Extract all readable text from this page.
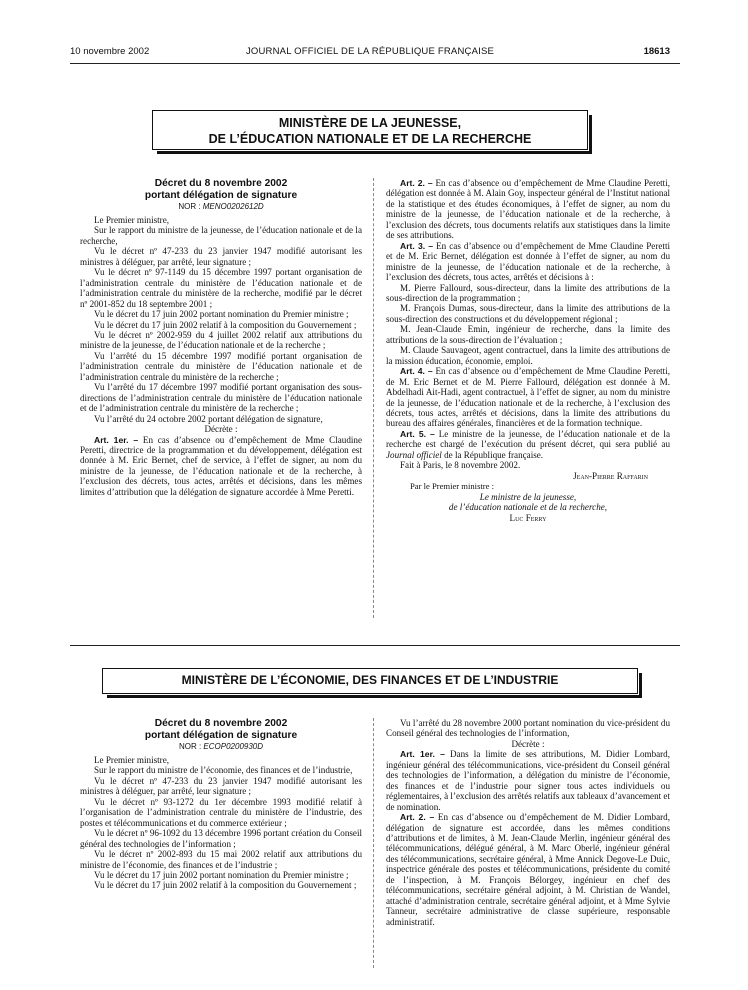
10 novembre 2002	JOURNAL OFFICIEL DE LA RÉPUBLIQUE FRANÇAISE	18613
MINISTÈRE DE LA JEUNESSE,
DE L’ÉDUCATION NATIONALE ET DE LA RECHERCHE
Décret du 8 novembre 2002
portant délégation de signature
NOR : MENO0202612D

Le Premier ministre,

Sur le rapport du ministre de la jeunesse, de l’éducation nationale et de la recherche,

Vu le décret nº 47-233 du 23 janvier 1947 modifié autorisant les ministres à déléguer, par arrêté, leur signature ;

Vu le décret nº 97-1149 du 15 décembre 1997 portant organisation de l’administration centrale du ministère de l’éducation nationale et de l’administration centrale du ministère de la recherche, modifié par le décret nº 2001-852 du 18 septembre 2001 ;

Vu le décret du 17 juin 2002 portant nomination du Premier ministre ;

Vu le décret du 17 juin 2002 relatif à la composition du Gouvernement ;

Vu le décret nº 2002-959 du 4 juillet 2002 relatif aux attributions du ministre de la jeunesse, de l’éducation nationale et de la recherche ;

Vu l’arrêté du 15 décembre 1997 modifié portant organisation de l’administration centrale du ministère de l’éducation nationale et de l’administration centrale du ministère de la recherche ;

Vu l’arrêté du 17 décembre 1997 modifié portant organisation des sous-directions de l’administration centrale du ministère de l’éducation nationale et de l’administration centrale du ministère de la recherche ;

Vu l’arrêté du 24 octobre 2002 portant délégation de signature,

Décrète :

Art. 1er. – En cas d’absence ou d’empêchement de Mme Claudine Peretti, directrice de la programmation et du développement, délégation est donnée à M. Eric Bernet, chef de service, à l’effet de signer, au nom du ministre de la jeunesse, de l’éducation nationale et de la recherche, à l’exclusion des décrets, tous actes, arrêtés et décisions, dans les mêmes limites d’attribution que la délégation de signature accordée à Mme Peretti.

Art. 2. – En cas d’absence ou d’empêchement de Mme Claudine Peretti, délégation est donnée à M. Alain Goy, inspecteur général de l’Institut national de la statistique et des études économiques, à l’effet de signer, au nom du ministre de la jeunesse, de l’éducation nationale et de la recherche, à l’exclusion des décrets, tous documents relatifs aux statistiques dans la limite de ses attributions.

Art. 3. – En cas d’absence ou d’empêchement de Mme Claudine Peretti et de M. Eric Bernet, délégation est donnée à l’effet de signer, au nom du ministre de la jeunesse, de l’éducation nationale et de la recherche, à l’exclusion des décrets, tous actes, arrêtés et décisions à :

M. Pierre Fallourd, sous-directeur, dans la limite des attributions de la sous-direction de la programmation ;

M. François Dumas, sous-directeur, dans la limite des attributions de la sous-direction des constructions et du développement régional ;

M. Jean-Claude Emin, ingénieur de recherche, dans la limite des attributions de la sous-direction de l’évaluation ;

M. Claude Sauvageot, agent contractuel, dans la limite des attributions de la mission éducation, économie, emploi.

Art. 4. – En cas d’absence ou d’empêchement de Mme Claudine Peretti, de M. Eric Bernet et de M. Pierre Fallourd, délégation est donnée à M. Abdelhadi Ait-Hadi, agent contractuel, à l’effet de signer, au nom du ministre de la jeunesse, de l’éducation nationale et de la recherche, à l’exclusion des décrets, tous actes, arrêtés et décisions, dans la limite des attributions du bureau des affaires générales, financières et de la formation technique.

Art. 5. – Le ministre de la jeunesse, de l’éducation nationale et de la recherche est chargé de l’exécution du présent décret, qui sera publié au Journal officiel de la République française.

Fait à Paris, le 8 novembre 2002.

Jean-Pierre Raffarin
Par le Premier ministre :
Le ministre de la jeunesse,
de l’éducation nationale et de la recherche,
Luc Ferry
MINISTÈRE DE L’ÉCONOMIE, DES FINANCES ET DE L’INDUSTRIE
Décret du 8 novembre 2002
portant délégation de signature
NOR : ECOP0200930D

Le Premier ministre,

Sur le rapport du ministre de l’économie, des finances et de l’industrie,

Vu le décret nº 47-233 du 23 janvier 1947 modifié autorisant les ministres à déléguer, par arrêté, leur signature ;

Vu le décret nº 93-1272 du 1er décembre 1993 modifié relatif à l’organisation de l’administration centrale du ministère de l’industrie, des postes et télécommunications et du commerce extérieur ;

Vu le décret nº 96-1092 du 13 décembre 1996 portant création du Conseil général des technologies de l’information ;

Vu le décret nº 2002-893 du 15 mai 2002 relatif aux attributions du ministre de l’économie, des finances et de l’industrie ;

Vu le décret du 17 juin 2002 portant nomination du Premier ministre ;

Vu le décret du 17 juin 2002 relatif à la composition du Gouvernement ;

Vu l’arrêté du 28 novembre 2000 portant nomination du vice-président du Conseil général des technologies de l’information,

Décrète :

Art. 1er. – Dans la limite de ses attributions, M. Didier Lombard, ingénieur général des télécommunications, vice-président du Conseil général des technologies de l’information, a délégation du ministre de l’économie, des finances et de l’industrie pour signer tous actes individuels ou réglementaires, à l’exclusion des arrêtés relatifs aux tableaux d’avancement et de nomination.

Art. 2. – En cas d’absence ou d’empêchement de M. Didier Lombard, délégation de signature est accordée, dans les mêmes conditions d’attributions et de limites, à M. Jean-Claude Merlin, ingénieur général des télécommunications, délégué général, à M. Marc Oberlé, ingénieur général des télécommunications, secrétaire général, à Mme Annick Degove-Le Duic, inspectrice générale des postes et télécommunications, présidente du comité de l’inspection, à M. François Bélorgey, ingénieur en chef des télécommunications, secrétaire général adjoint, à M. Christian de Wandel, attaché d’administration centrale, secrétaire général adjoint, et à Mme Sylvie Tanneur, secrétaire administrative de classe supérieure, responsable administratif.
